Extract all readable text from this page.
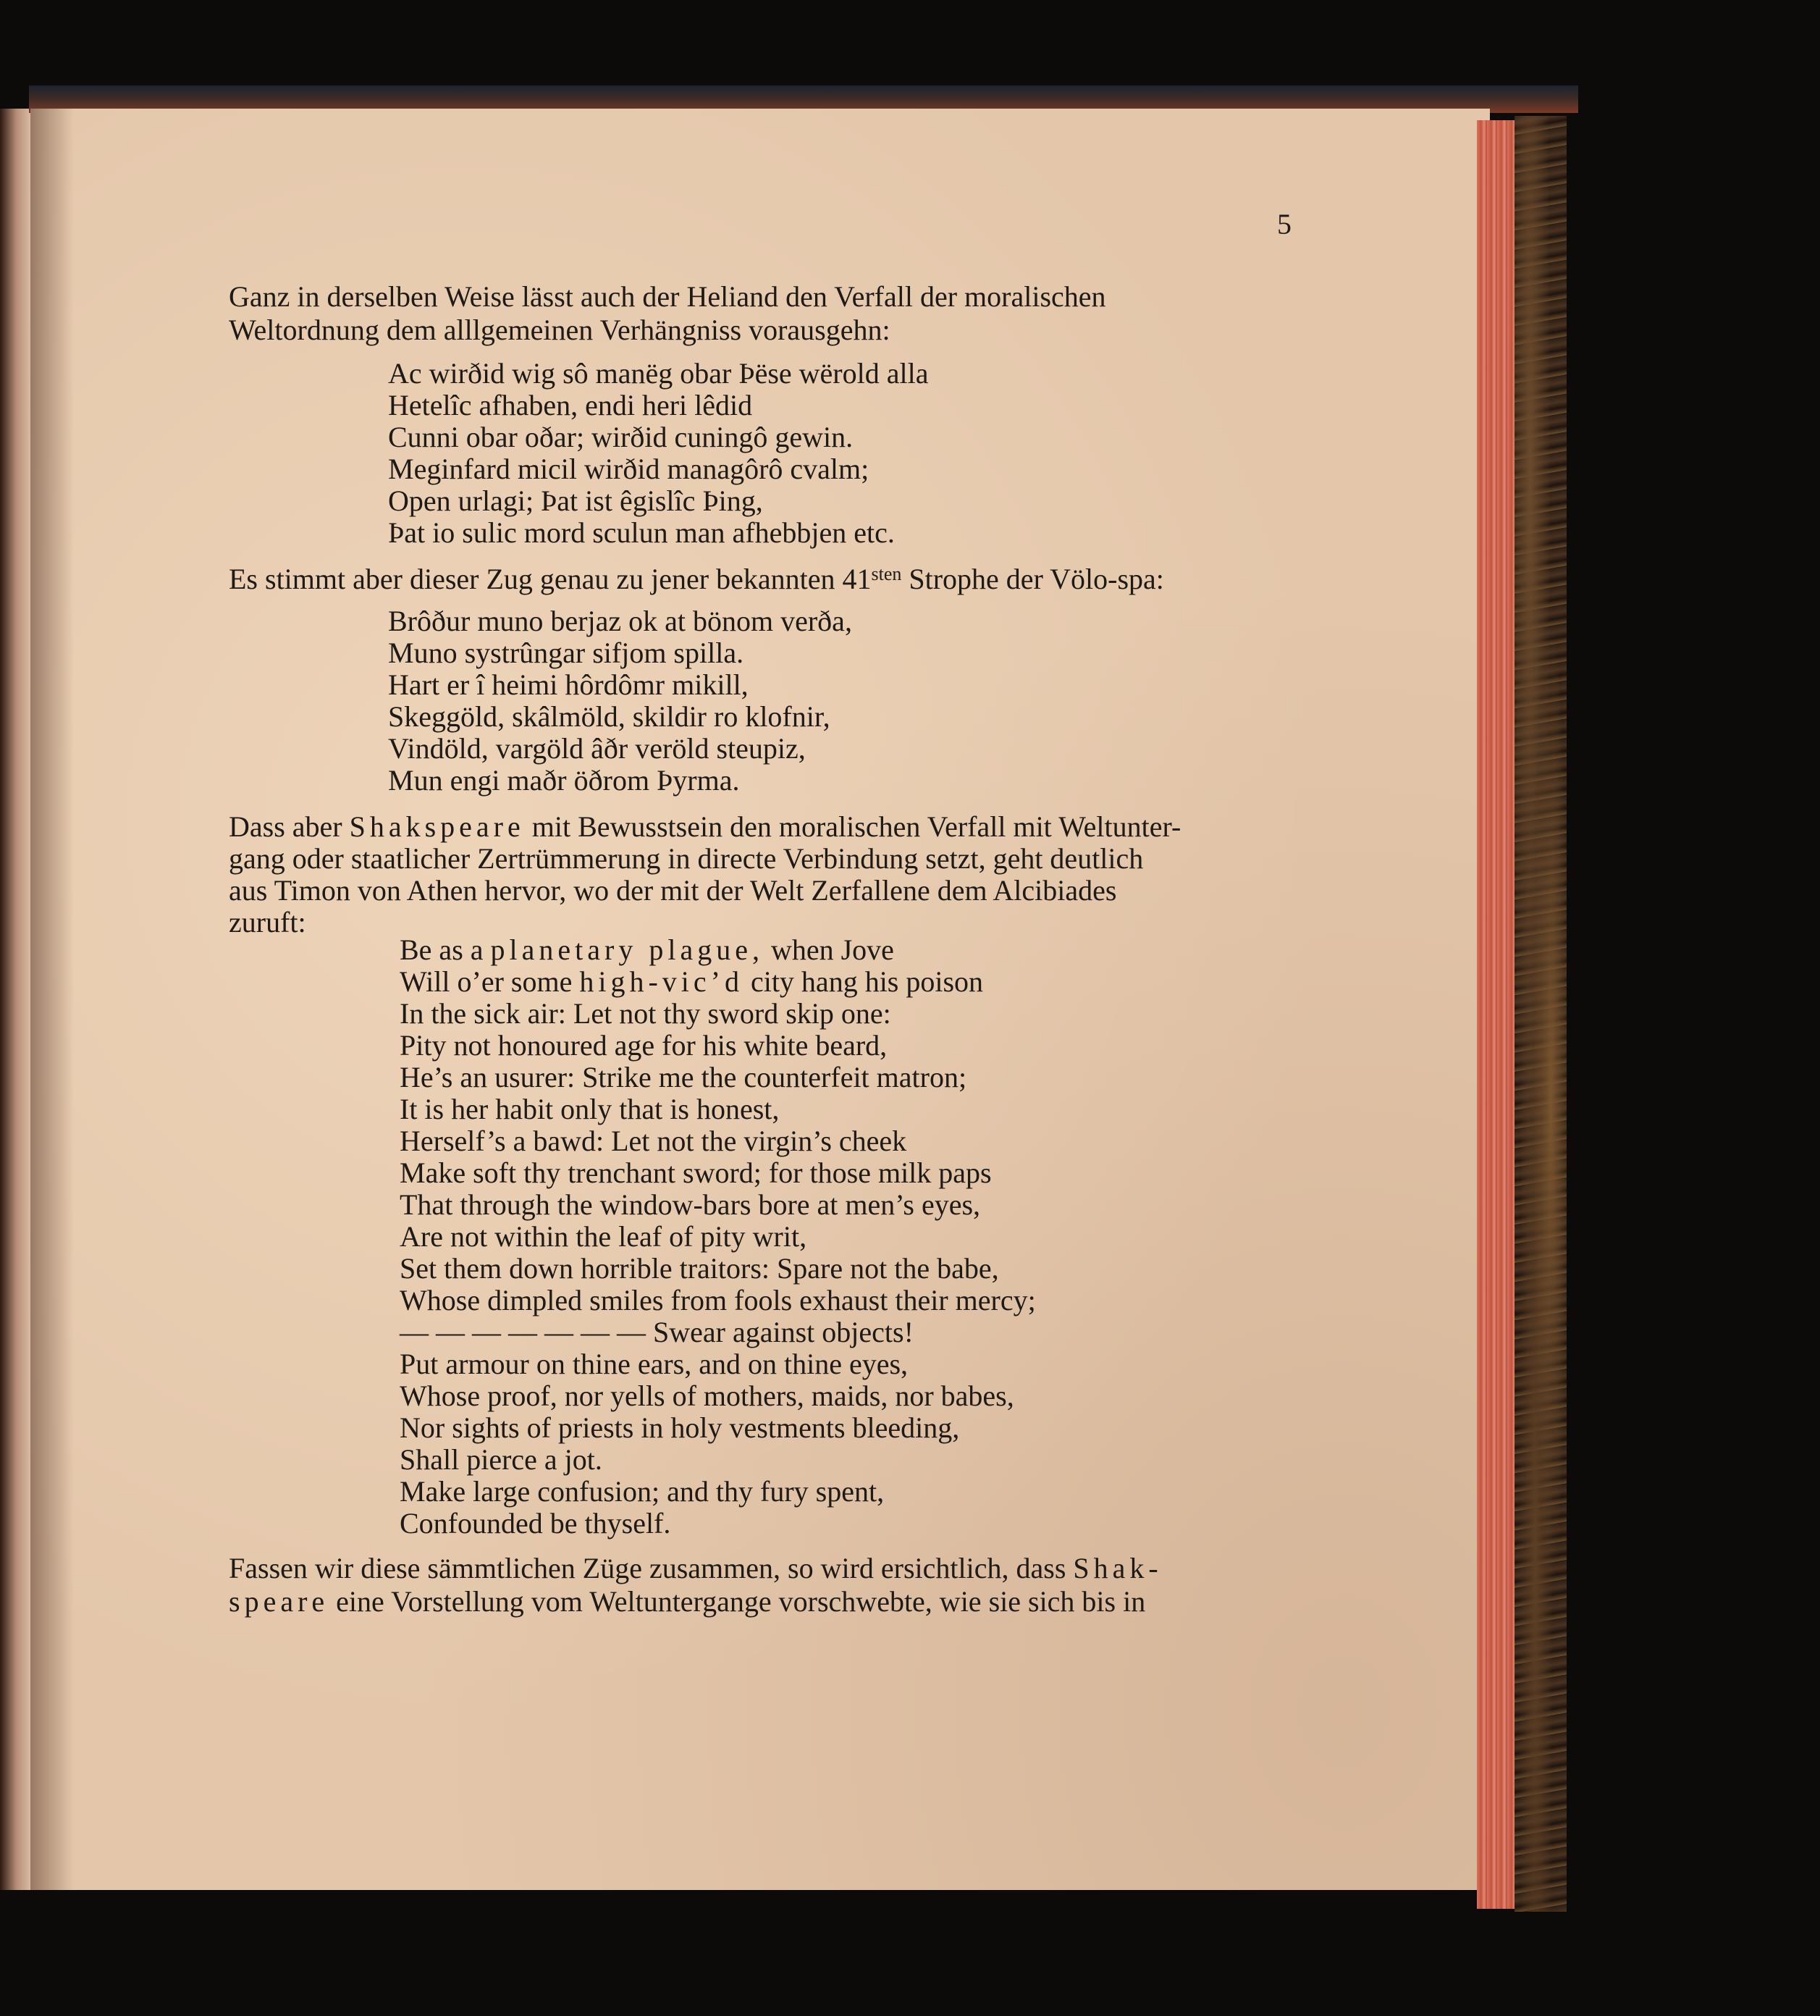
5
Ganz in derselben Weise lässt auch der Heliand den Verfall der moralischen
Weltordnung dem alllgemeinen Verhängniss vorausgehn:
Ac wirðid wig sô manëg obar Þëse wërold alla
Hetelîc afhaben, endi heri lêdid
Cunni obar oðar; wirðid cuningô gewin.
Meginfard micil wirðid managôrô cvalm;
Open urlagi; Þat ist êgislîc Þing,
Þat io sulic mord sculun man afhebbjen etc.
Es stimmt aber dieser Zug genau zu jener bekannten $41^{sten}$ Strophe der Völo-spa:
Brôður muno berjaz ok at bönom verða,
Muno systrûngar sifjom spilla.
Hart er î heimi hôrdômr mikill,
Skeggöld, skâlmöld, skildir ro klofnir,
Vindöld, vargöld âðr veröld steupiz,
Mun engi maðr öðrom Þyrma.
Dass aber Shakspeare mit Bewusstsein den moralischen Verfall mit Weltunter-
gang oder staatlicher Zertrümmerung in directe Verbindung setzt, geht deutlich
aus Timon von Athen hervor, wo der mit der Welt Zerfallene dem Alcibiades
zuruft:
Be as a planetary plague, when Jove
Will o’er some high-vic’d city hang his poison
In the sick air: Let not thy sword skip one:
Pity not honoured age for his white beard,
He’s an usurer: Strike me the counterfeit matron;
It is her habit only that is honest,
Herself’s a bawd: Let not the virgin’s cheek
Make soft thy trenchant sword; for those milk paps
That through the window-bars bore at men’s eyes,
Are not within the leaf of pity writ,
Set them down horrible traitors: Spare not the babe,
Whose dimpled smiles from fools exhaust their mercy;
— — — — — — — Swear against objects!
Put armour on thine ears, and on thine eyes,
Whose proof, nor yells of mothers, maids, nor babes,
Nor sights of priests in holy vestments bleeding,
Shall pierce a jot.
Make large confusion; and thy fury spent,
Confounded be thyself.
Fassen wir diese sämmtlichen Züge zusammen, so wird ersichtlich, dass Shak-
speare eine Vorstellung vom Weltuntergange vorschwebte, wie sie sich bis in
